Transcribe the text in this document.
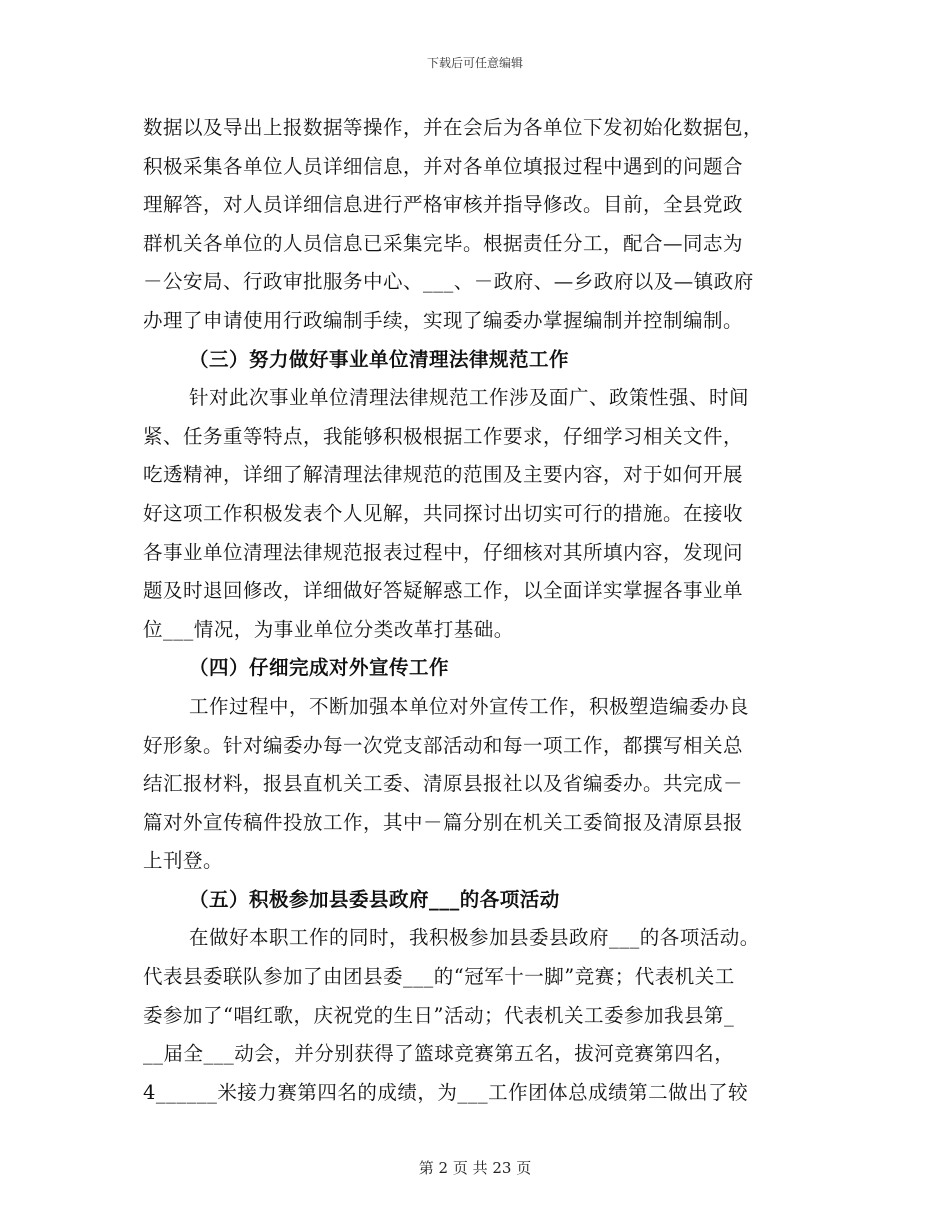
下载后可任意编辑
数据以及导出上报数据等操作，并在会后为各单位下发初始化数据包，
积极采集各单位人员详细信息，并对各单位填报过程中遇到的问题合
理解答，对人员详细信息进行严格审核并指导修改。目前，全县党政
群机关各单位的人员信息已采集完毕。根据责任分工，配合—同志为
－公安局、行政审批服务中心、___、－政府、—乡政府以及—镇政府
办理了申请使用行政编制手续，实现了编委办掌握编制并控制编制。
（三）努力做好事业单位清理法律规范工作
针对此次事业单位清理法律规范工作涉及面广、政策性强、时间
紧、任务重等特点，我能够积极根据工作要求，仔细学习相关文件，
吃透精神，详细了解清理法律规范的范围及主要内容，对于如何开展
好这项工作积极发表个人见解，共同探讨出切实可行的措施。在接收
各事业单位清理法律规范报表过程中，仔细核对其所填内容，发现问
题及时退回修改，详细做好答疑解惑工作，以全面详实掌握各事业单
位___情况，为事业单位分类改革打基础。
（四）仔细完成对外宣传工作
工作过程中，不断加强本单位对外宣传工作，积极塑造编委办良
好形象。针对编委办每一次党支部活动和每一项工作，都撰写相关总
结汇报材料，报县直机关工委、清原县报社以及省编委办。共完成－
篇对外宣传稿件投放工作，其中－篇分别在机关工委简报及清原县报
上刊登。
（五）积极参加县委县政府___的各项活动
在做好本职工作的同时，我积极参加县委县政府___的各项活动。
代表县委联队参加了由团县委___的“冠军十一脚”竞赛；代表机关工
委参加了“唱红歌，庆祝党的生日”活动；代表机关工委参加我县第_
__届全___动会，并分别获得了篮球竞赛第五名，拔河竞赛第四名，
4______米接力赛第四名的成绩，为___工作团体总成绩第二做出了较
第 2 页 共 23 页
